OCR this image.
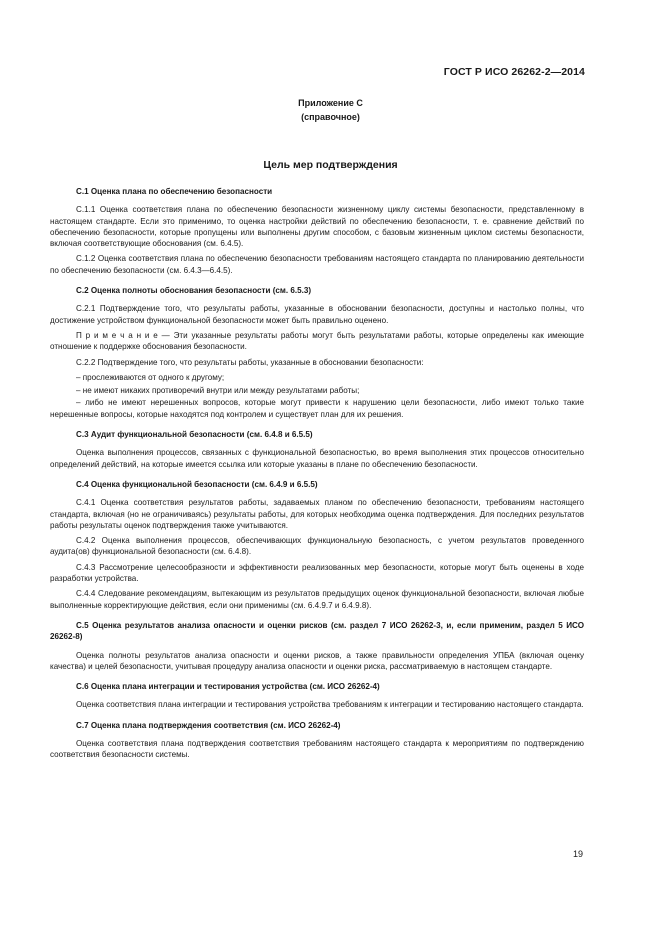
ГОСТ Р ИСО 26262-2—2014
Приложение С
(справочное)
Цель мер подтверждения
С.1 Оценка плана по обеспечению безопасности
С.1.1 Оценка соответствия плана по обеспечению безопасности жизненному циклу системы безопасности, представленному в настоящем стандарте. Если это применимо, то оценка настройки действий по обеспечению безопасности, т. е. сравнение действий по обеспечению безопасности, которые пропущены или выполнены другим способом, с базовым жизненным циклом системы безопасности, включая соответствующие обоснования (см. 6.4.5).
С.1.2 Оценка соответствия плана по обеспечению безопасности требованиям настоящего стандарта по планированию деятельности по обеспечению безопасности (см. 6.4.3—6.4.5).
С.2 Оценка полноты обоснования безопасности (см. 6.5.3)
С.2.1 Подтверждение того, что результаты работы, указанные в обосновании безопасности, доступны и настолько полны, что достижение устройством функциональной безопасности может быть правильно оценено.
П р и м е ч а н и е — Эти указанные результаты работы могут быть результатами работы, которые определены как имеющие отношение к поддержке обоснования безопасности.
С.2.2 Подтверждение того, что результаты работы, указанные в обосновании безопасности:
– прослеживаются от одного к другому;
– не имеют никаких противоречий внутри или между результатами работы;
– либо не имеют нерешенных вопросов, которые могут привести к нарушению цели безопасности, либо имеют только такие нерешенные вопросы, которые находятся под контролем и существует план для их решения.
С.3 Аудит функциональной безопасности (см. 6.4.8 и 6.5.5)
Оценка выполнения процессов, связанных с функциональной безопасностью, во время выполнения этих процессов относительно определений действий, на которые имеется ссылка или которые указаны в плане по обеспечению безопасности.
С.4 Оценка функциональной безопасности (см. 6.4.9 и 6.5.5)
С.4.1 Оценка соответствия результатов работы, задаваемых планом по обеспечению безопасности, требованиям настоящего стандарта, включая (но не ограничиваясь) результаты работы, для которых необходима оценка подтверждения. Для последних результатов работы результаты оценок подтверждения также учитываются.
С.4.2 Оценка выполнения процессов, обеспечивающих функциональную безопасность, с учетом результатов проведенного аудита(ов) функциональной безопасности (см. 6.4.8).
С.4.3 Рассмотрение целесообразности и эффективности реализованных мер безопасности, которые могут быть оценены в ходе разработки устройства.
С.4.4 Следование рекомендациям, вытекающим из результатов предыдущих оценок функциональной безопасности, включая любые выполненные корректирующие действия, если они применимы (см. 6.4.9.7 и 6.4.9.8).
С.5 Оценка результатов анализа опасности и оценки рисков (см. раздел 7 ИСО 26262-3, и, если применим, раздел 5 ИСО 26262-8)
Оценка полноты результатов анализа опасности и оценки рисков, а также правильности определения УПБА (включая оценку качества) и целей безопасности, учитывая процедуру анализа опасности и оценки риска, рассматриваемую в настоящем стандарте.
С.6 Оценка плана интеграции и тестирования устройства (см. ИСО 26262-4)
Оценка соответствия плана интеграции и тестирования устройства требованиям к интеграции и тестированию настоящего стандарта.
С.7 Оценка плана подтверждения соответствия (см. ИСО 26262-4)
Оценка соответствия плана подтверждения соответствия требованиям настоящего стандарта к мероприятиям по подтверждению соответствия безопасности системы.
19
